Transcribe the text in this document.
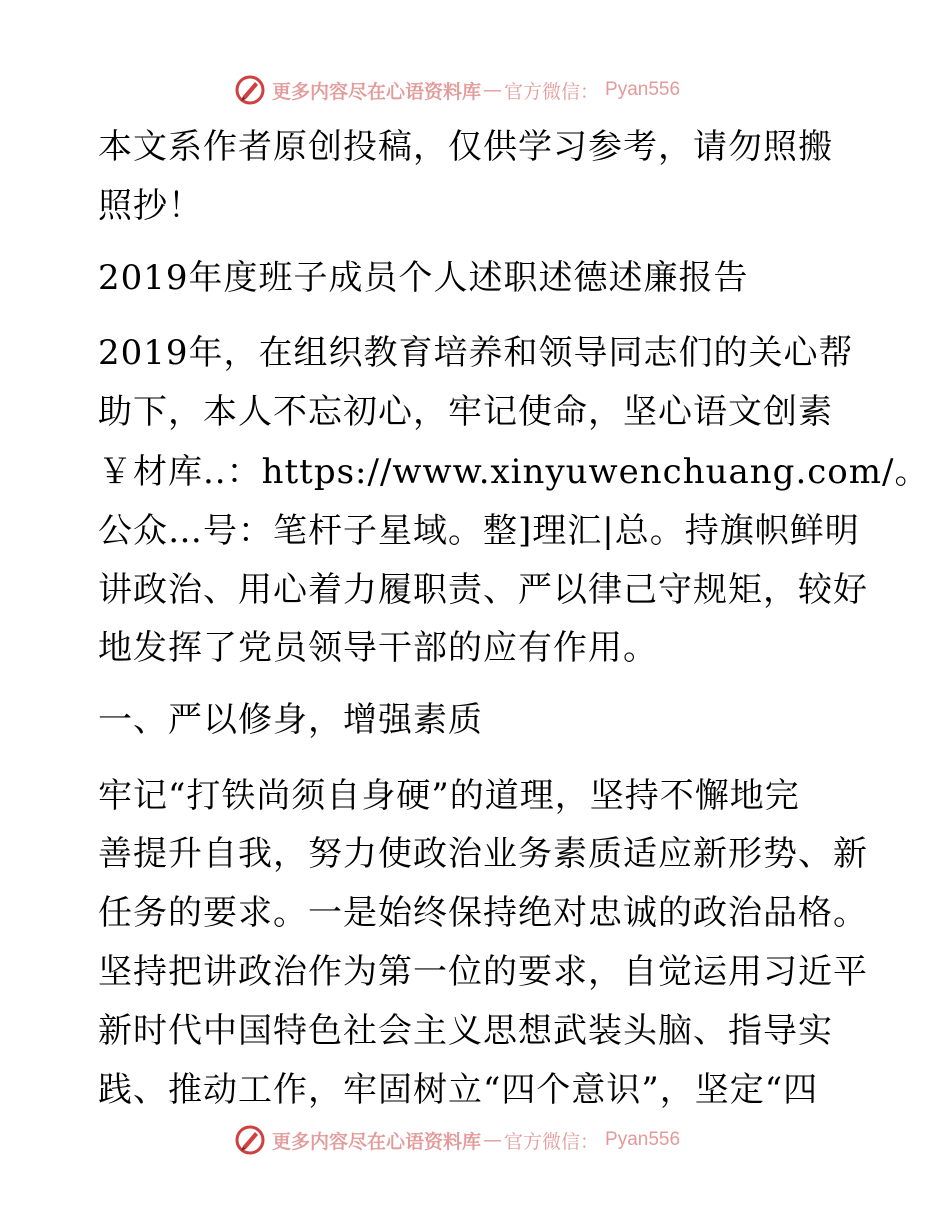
更多内容尽在心语资料库 — 官方微信： Pyan556
本文系作者原创投稿，仅供学习参考，请勿照搬
照抄！
2019年度班子成员个人述职述德述廉报告
2019年，在组织教育培养和领导同志们的关心帮
助下，本人不忘初心，牢记使命，坚心语文创素
￥材库..：https://www.xinyuwenchuang.com/。
公众…号：笔杆子星域。整]理汇|总。持旗帜鲜明
讲政治、用心着力履职责、严以律己守规矩，较好
地发挥了党员领导干部的应有作用。
一、严以修身，增强素质
牢记“打铁尚须自身硬”的道理，坚持不懈地完
善提升自我，努力使政治业务素质适应新形势、新
任务的要求。一是始终保持绝对忠诚的政治品格。
坚持把讲政治作为第一位的要求，自觉运用习近平
新时代中国特色社会主义思想武装头脑、指导实
践、推动工作，牢固树立“四个意识”，坚定“四
更多内容尽在心语资料库 — 官方微信： Pyan556
